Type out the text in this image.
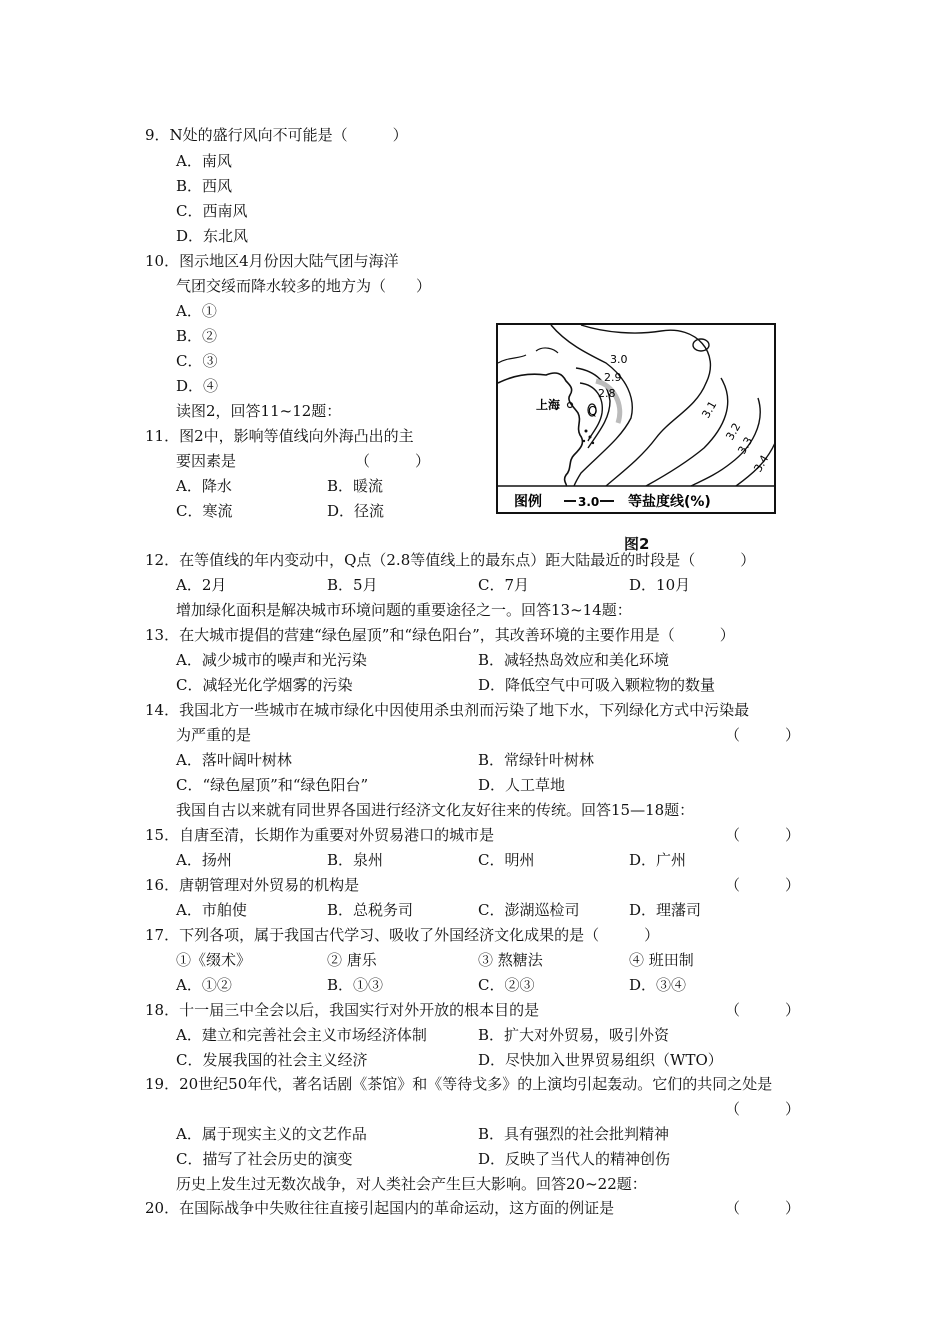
9．N处的盛行风向不可能是（　　　）
A．南风
B．西风
C．西南风
D．东北风
10．图示地区4月份因大陆气团与海洋
气团交绥而降水较多的地方为（　　）
A．①
B．②
C．③
D．④
读图2，回答11~12题：
11．图2中，影响等值线向外海凸出的主
要因素是	（　　　）
A．降水	B．暖流
C．寒流	D．径流
3.0
2.9
2.8
3.1
3.2
3.3
3.4
Q
上海
图例	3.0 等盐度线(%)
图2
12．在等值线的年内变动中，Q点（2.8等值线上的最东点）距大陆最近的时段是（　　　）
A．2月	B．5月	C．7月	D．10月
增加绿化面积是解决城市环境问题的重要途径之一。回答13~14题：
13．在大城市提倡的营建“绿色屋顶”和“绿色阳台”，其改善环境的主要作用是（　　　）
A．减少城市的噪声和光污染	B．减轻热岛效应和美化环境
C．减轻光化学烟雾的污染	D．降低空气中可吸入颗粒物的数量
14．我国北方一些城市在城市绿化中因使用杀虫剂而污染了地下水，下列绿化方式中污染最
为严重的是	（　　　）
A．落叶阔叶树林	B．常绿针叶树林
C．“绿色屋顶”和“绿色阳台”	D．人工草地
我国自古以来就有同世界各国进行经济文化友好往来的传统。回答15—18题：
15．自唐至清，长期作为重要对外贸易港口的城市是	（　　　）
A．扬州	B．泉州	C．明州	D．广州
16．唐朝管理对外贸易的机构是	（　　　）
A．市舶使	B．总税务司	C．澎湖巡检司	D．理藩司
17．下列各项，属于我国古代学习、吸收了外国经济文化成果的是（　　　）
①《缀术》	② 唐乐	③ 熬糖法	④ 班田制
A．①②	B．①③	C．②③	D．③④
18．十一届三中全会以后，我国实行对外开放的根本目的是	（　　　）
A．建立和完善社会主义市场经济体制	B．扩大对外贸易，吸引外资
C．发展我国的社会主义经济	D．尽快加入世界贸易组织（WTO）
19．20世纪50年代，著名话剧《茶馆》和《等待戈多》的上演均引起轰动。它们的共同之处是
（　　　）
A．属于现实主义的文艺作品	B．具有强烈的社会批判精神
C．描写了社会历史的演变	D．反映了当代人的精神创伤
历史上发生过无数次战争，对人类社会产生巨大影响。回答20~22题：
20．在国际战争中失败往往直接引起国内的革命运动，这方面的例证是	（　　　）
